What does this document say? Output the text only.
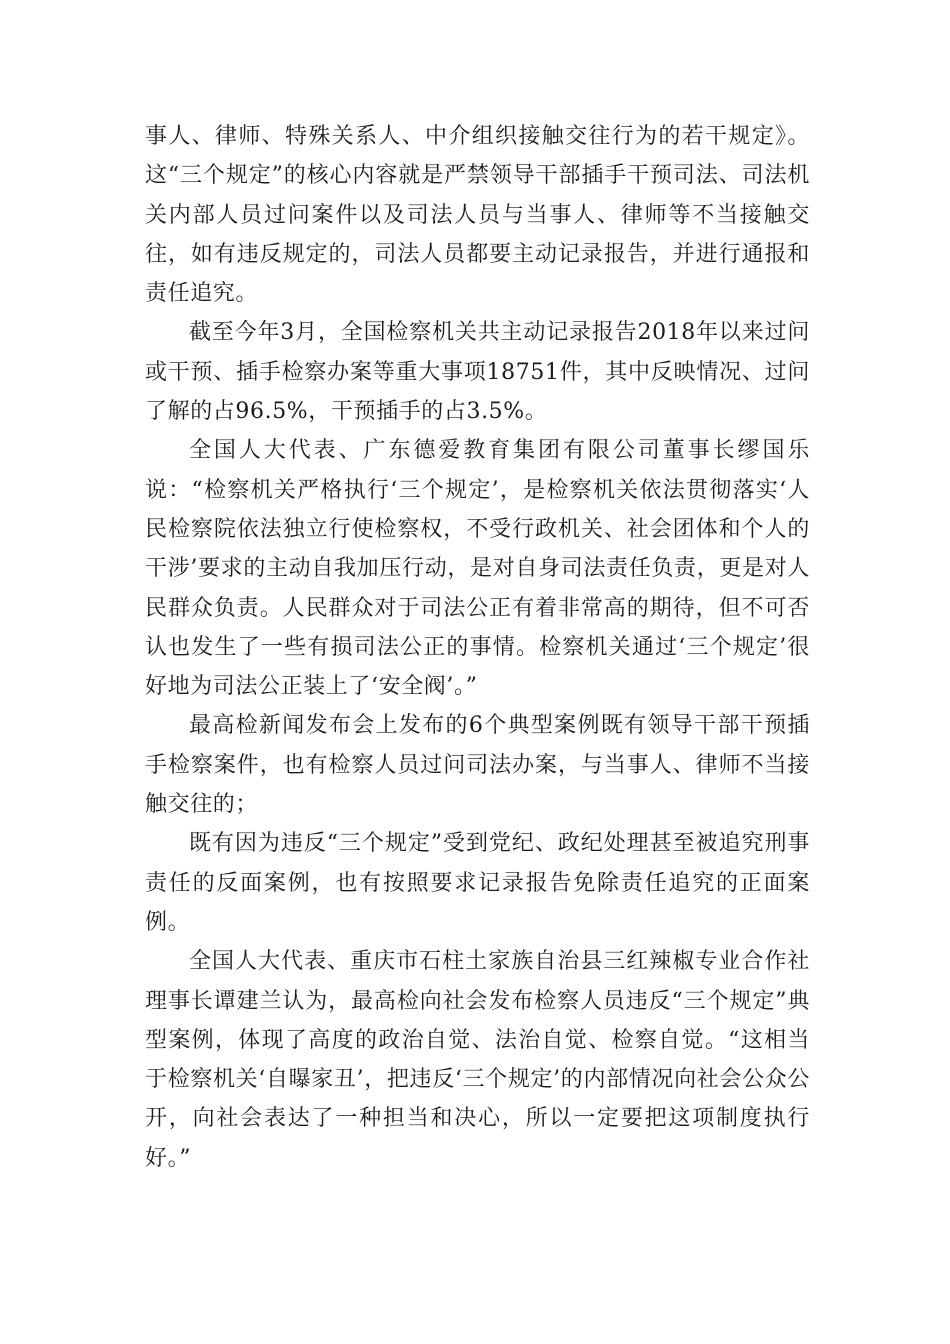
事人、律师、特殊关系人、中介组织接触交往行为的若干规定》。这“三个规定”的核心内容就是严禁领导干部插手干预司法、司法机关内部人员过问案件以及司法人员与当事人、律师等不当接触交往，如有违反规定的，司法人员都要主动记录报告，并进行通报和责任追究。

截至今年3月，全国检察机关共主动记录报告2018年以来过问或干预、插手检察办案等重大事项18751件，其中反映情况、过问了解的占96.5%，干预插手的占3.5%。

全国人大代表、广东德爱教育集团有限公司董事长缪国乐说：“检察机关严格执行‘三个规定’，是检察机关依法贯彻落实‘人民检察院依法独立行使检察权，不受行政机关、社会团体和个人的干涉’要求的主动自我加压行动，是对自身司法责任负责，更是对人民群众负责。人民群众对于司法公正有着非常高的期待，但不可否认也发生了一些有损司法公正的事情。检察机关通过‘三个规定’很好地为司法公正装上了‘安全阀’。”

最高检新闻发布会上发布的6个典型案例既有领导干部干预插手检察案件，也有检察人员过问司法办案，与当事人、律师不当接触交往的；

既有因为违反“三个规定”受到党纪、政纪处理甚至被追究刑事责任的反面案例，也有按照要求记录报告免除责任追究的正面案例。

全国人大代表、重庆市石柱土家族自治县三红辣椒专业合作社理事长谭建兰认为，最高检向社会发布检察人员违反“三个规定”典型案例，体现了高度的政治自觉、法治自觉、检察自觉。“这相当于检察机关‘自曝家丑’，把违反‘三个规定’的内部情况向社会公众公开，向社会表达了一种担当和决心，所以一定要把这项制度执行好。”
